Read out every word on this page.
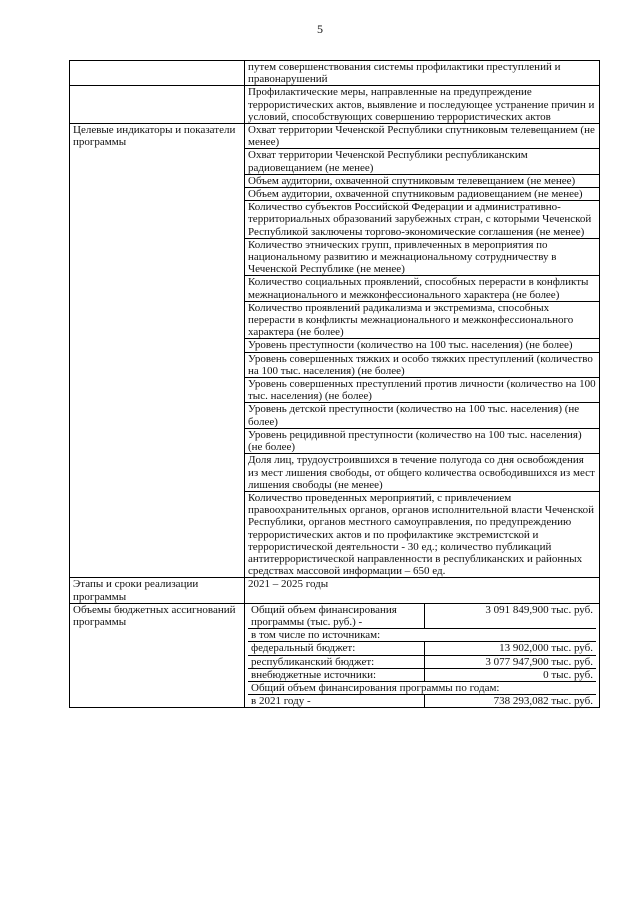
5
	путем совершенствования системы профилактики преступлений и правонарушений
	Профилактические меры, направленные на предупреждение террористических актов, выявление и последующее устранение причин и условий, способствующих совершению террористических актов
Целевые индикаторы и показатели программы	Охват территории Чеченской Республики спутниковым телевещанием (не менее)
Охват территории Чеченской Республики республиканским радиовещанием (не менее)
Объем аудитории, охваченной спутниковым телевещанием (не менее)
Объем аудитории, охваченной спутниковым радиовещанием (не менее)
Количество субъектов Российской Федерации и административно-территориальных образований зарубежных стран, с которыми Чеченской Республикой заключены торгово-экономические соглашения (не менее)
Количество этнических групп, привлеченных в мероприятия по национальному развитию и межнациональному сотрудничеству в Чеченской Республике (не менее)
Количество социальных проявлений, способных перерасти в конфликты межнационального и межконфессионального характера (не более)
Количество проявлений радикализма и экстремизма, способных перерасти в конфликты межнационального и межконфессионального характера (не более)
Уровень преступности (количество на 100 тыс. населения) (не более)
Уровень совершенных тяжких и особо тяжких преступлений (количество на 100 тыс. населения) (не более)
Уровень совершенных преступлений против личности (количество на 100 тыс. населения) (не более)
Уровень детской преступности (количество на 100 тыс. населения) (не более)
Уровень рецидивной преступности (количество на 100 тыс. населения) (не более)
Доля лиц, трудоустроившихся в течение полугода со дня освобождения из мест лишения свободы, от общего количества освободившихся из мест лишения свободы (не менее)
Количество проведенных мероприятий, с привлечением правоохранительных органов, органов исполнительной власти Чеченской Республики, органов местного самоуправления, по предупреждению террористических актов и по профилактике экстремистской и террористической деятельности - 30 ед.; количество публикаций антитеррористической направленности в республиканских и районных средствах массовой информации – 650 ед.
Этапы и сроки реализации программы	2021 – 2025 годы
Объемы бюджетных ассигнований программы	
Общий объем финансирования программы (тыс. руб.) -	3 091 849,900 тыс. руб.
в том числе по источникам:
федеральный бюджет:	13 902,000 тыс. руб.
республиканский бюджет:	3 077 947,900 тыс. руб.
внебюджетные источники:	0 тыс. руб.
Общий объем финансирования программы по годам:
в 2021 году -	738 293,082 тыс. руб.
